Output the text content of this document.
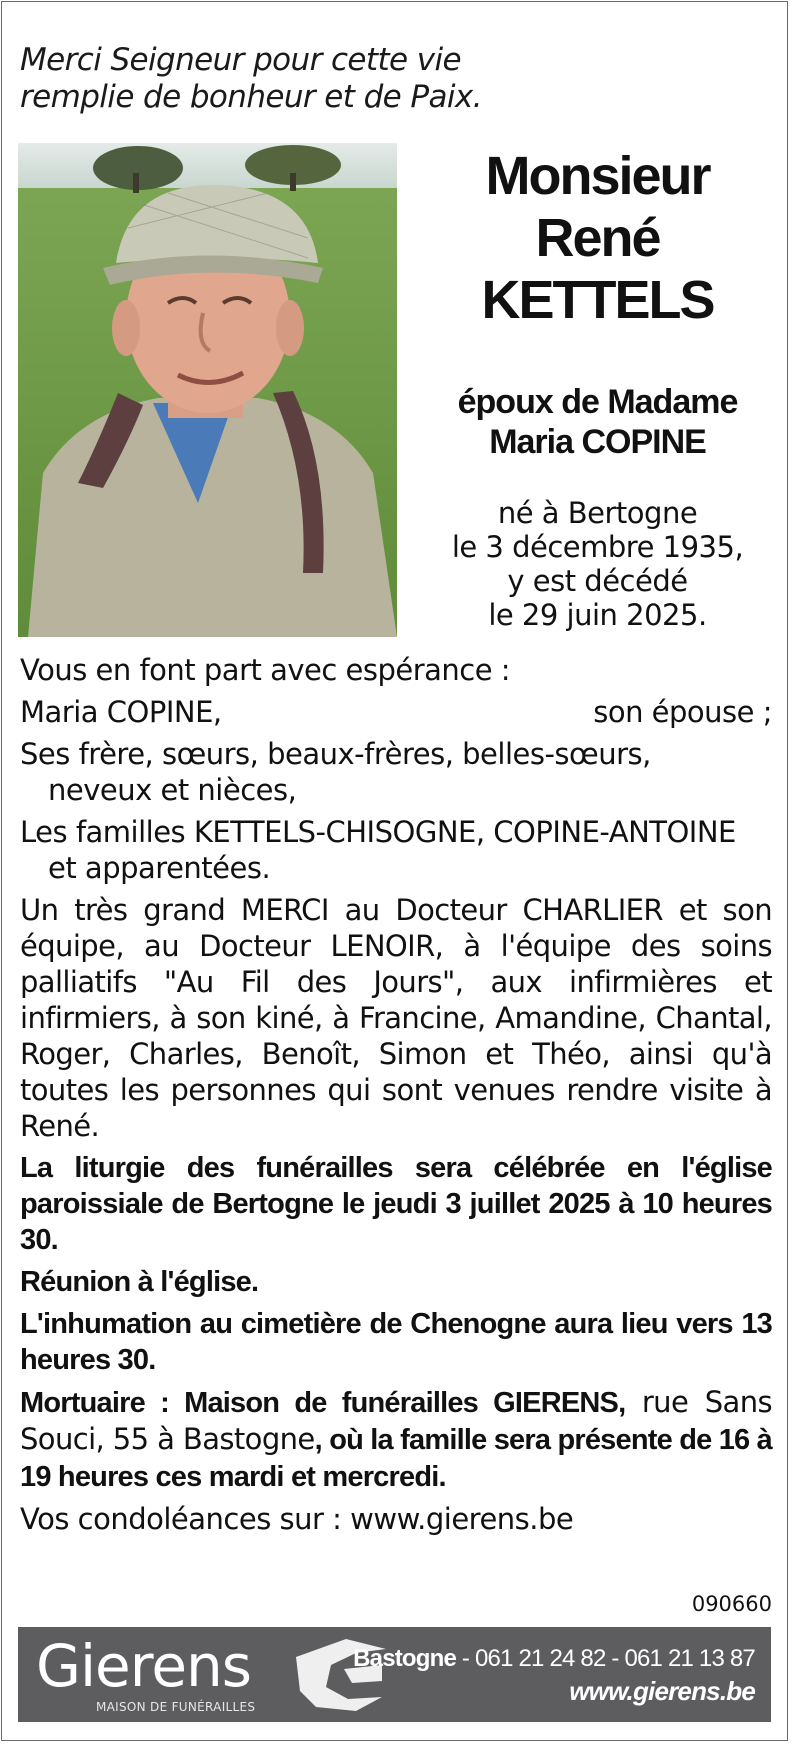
Merci Seigneur pour cette vie
remplie de bonheur et de Paix.
Monsieur
René
KETTELS
époux de Madame
Maria COPINE
né à Bertogne
le 3 décembre 1935,
y est décédé
le 29 juin 2025.

Vous en font part avec espérance :

Maria COPINE,	son épouse ;

Ses frère, sœurs, beaux-frères, belles-sœurs,
neveux et nièces,

Les familles KETTELS-CHISOGNE, COPINE-ANTOINE
et apparentées.

Un très grand MERCI au Docteur CHARLIER et son équipe, au Docteur LENOIR, à l'équipe des soins palliatifs "Au Fil des Jours", aux infirmières et infirmiers, à son kiné, à Francine, Amandine, Chantal, Roger, Charles, Benoît, Simon et Théo, ainsi qu'à toutes les personnes qui sont venues rendre visite à René.

La liturgie des funérailles sera célébrée en l'église paroissiale de Bertogne le jeudi 3 juillet 2025 à 10 heures 30.

Réunion à l'église.

L'inhumation au cimetière de Chenogne aura lieu vers 13 heures 30.

Mortuaire : Maison de funérailles GIERENS, rue Sans Souci, 55 à Bastogne, où la famille sera présente de 16 à 19 heures ces mardi et mercredi.

Vos condoléances sur : www.gierens.be

090660
Gierens
MAISON DE FUNÉRAILLES
Bastogne - 061 21 24 82 - 061 21 13 87
www.gierens.be
